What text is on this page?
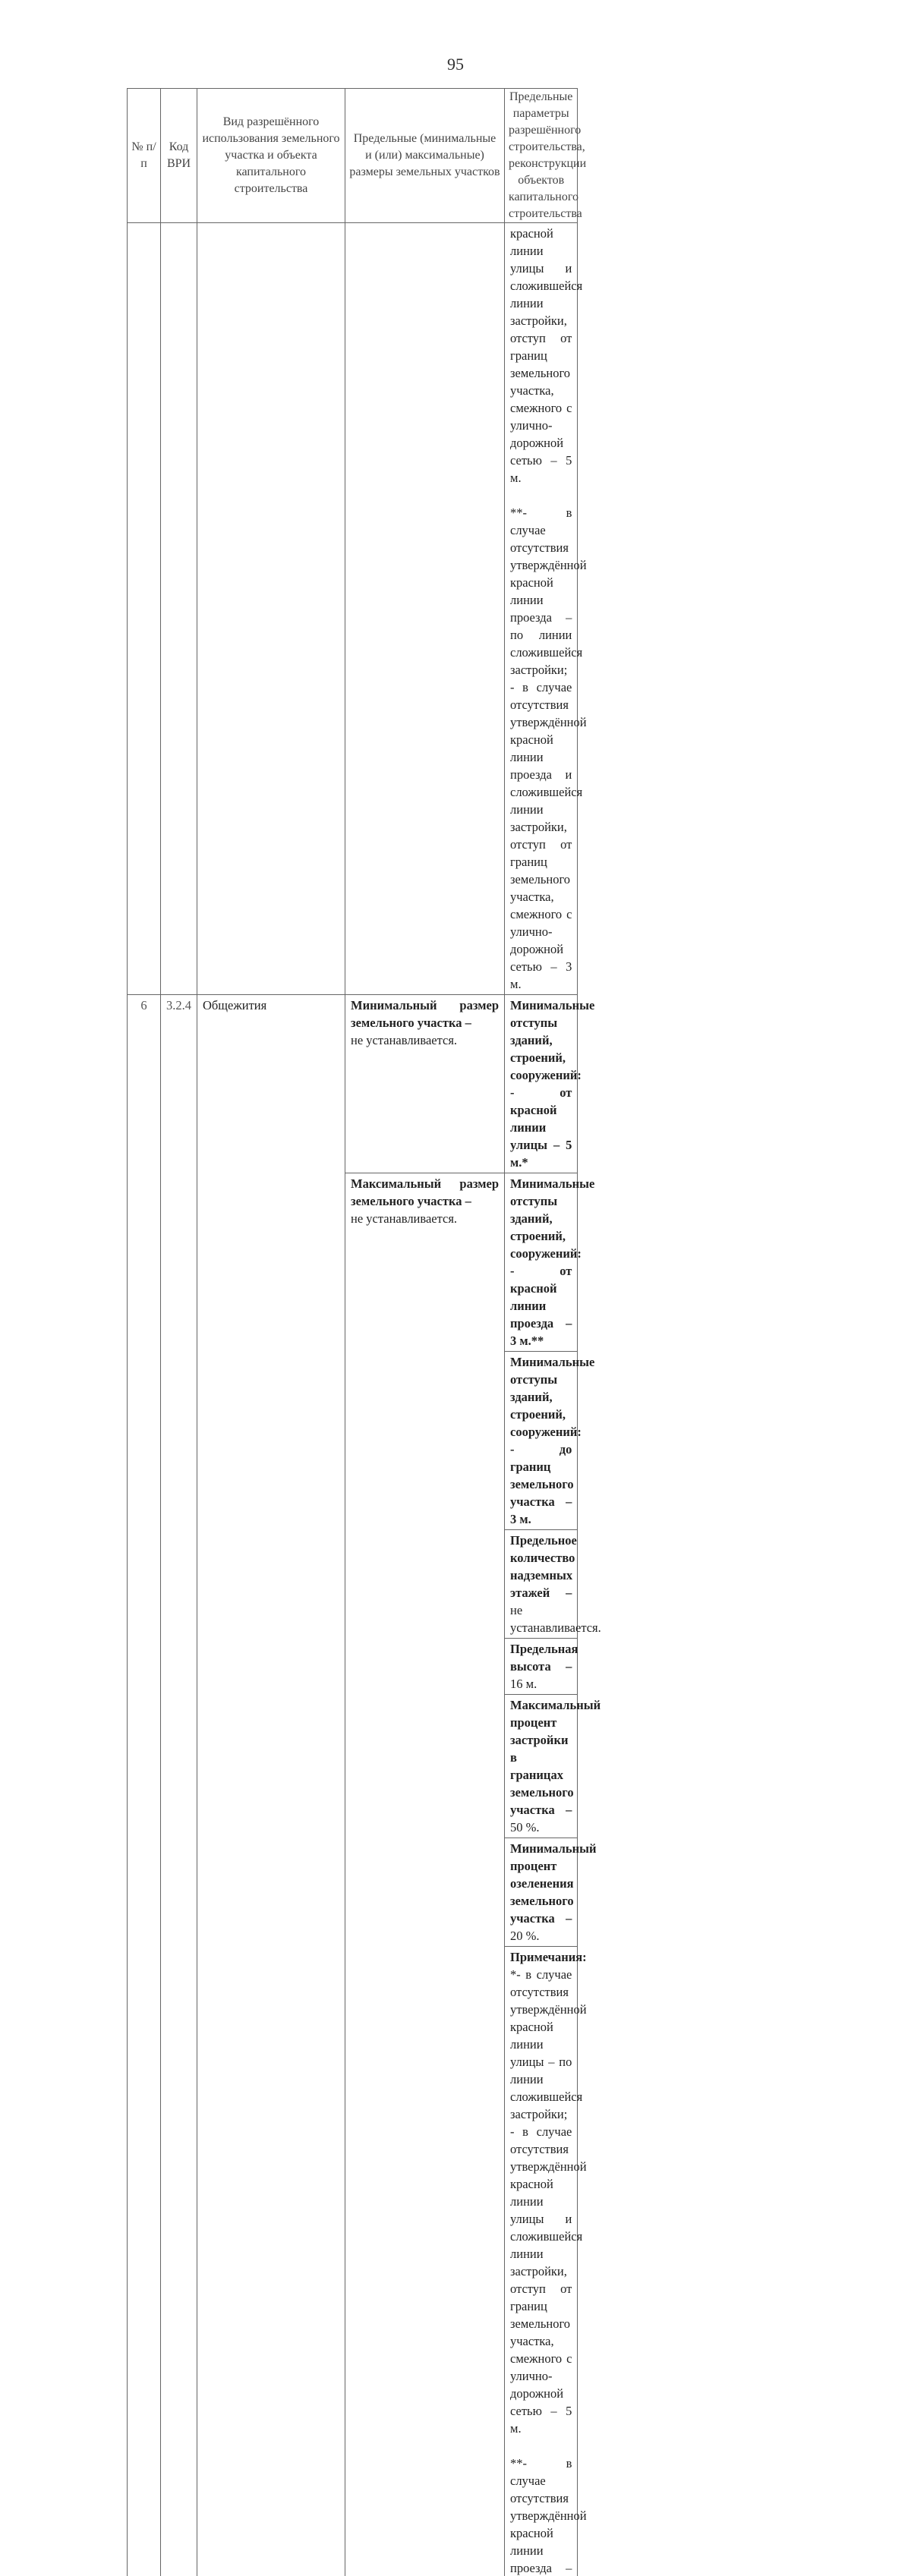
95
№ п/п	Код ВРИ	Вид разрешённого использования земельного участка и объекта капитального строительства	Предельные (минимальные и (или) максимальные) размеры земельных участков	Предельные параметры разрешённого строительства, реконструкции объектов капитального строительства				
				красной линии улицы и сложившейся линии застройки, отступ от границ земельного участка, смежного с улично-дорожной сетью – 5 м.

**- в случае отсутствия утверждённой красной линии проезда – по линии сложившейся застройки;
- в случае отсутствия утверждённой красной линии проезда и сложившейся линии застройки, отступ от границ земельного участка, смежного с улично-дорожной сетью – 3 м.				
6	3.2.4	Общежития	Минимальный размер земельного участка –
не устанавливается.	Минимальные отступы зданий, строений, сооружений:
- от красной линии улицы – 5 м.*				
			Максимальный размер земельного участка –
не устанавливается.	Минимальные отступы зданий, строений, сооружений:
- от красной линии проезда – 3 м.**				
				Минимальные отступы зданий, строений, сооружений:
- до границ земельного участка – 3 м.				
				Предельное количество надземных этажей – не устанавливается.				
				Предельная высота – 16 м.				
				Максимальный процент застройки в границах земельного участка – 50 %.				
				Минимальный процент озеленения земельного участка – 20 %.				
				Примечания:
*- в случае отсутствия утверждённой красной линии улицы – по линии сложившейся застройки;
- в случае отсутствия утверждённой красной линии улицы и сложившейся линии застройки, отступ от границ земельного участка, смежного с улично-дорожной сетью – 5 м.

**- в случае отсутствия утверждённой красной линии проезда –				
